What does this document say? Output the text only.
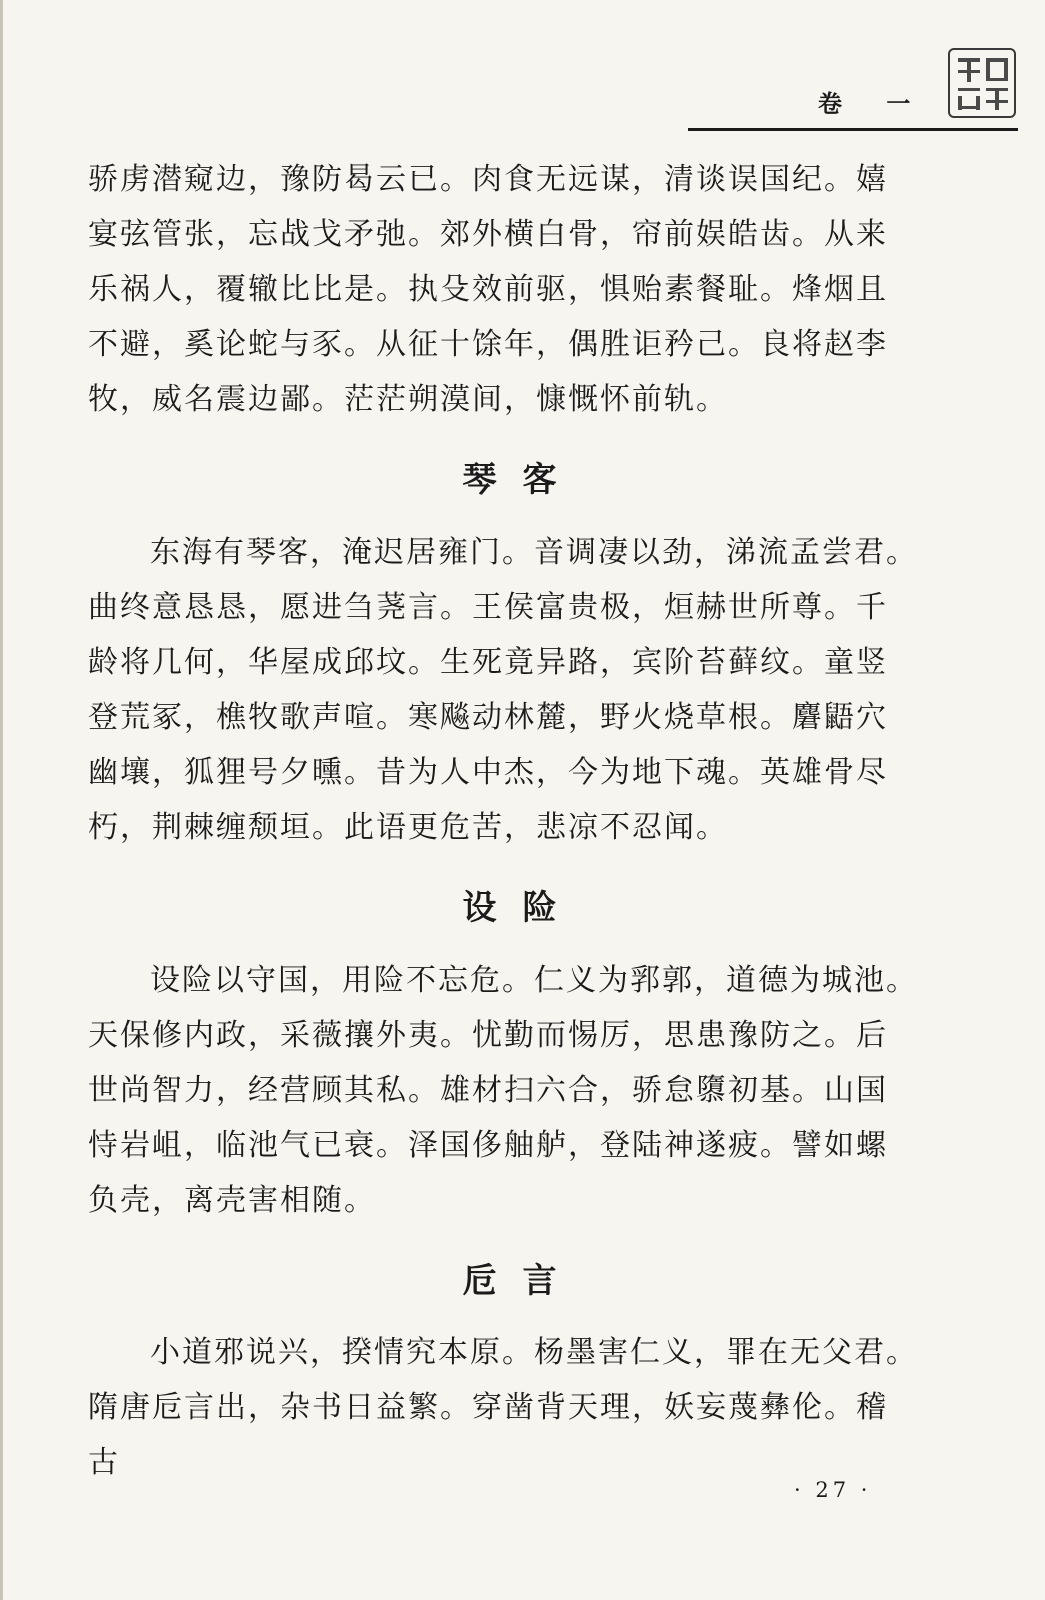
卷 一

骄虏潜窥边，豫防曷云已。肉食无远谋，清谈误国纪。嬉宴弦管张，忘战戈矛弛。郊外横白骨，帘前娱皓齿。从来乐祸人，覆辙比比是。执殳效前驱，惧贻素餐耻。烽烟且不避，奚论蛇与豕。从征十馀年，偶胜讵矜己。良将赵李牧，威名震边鄙。茫茫朔漠间，慷慨怀前轨。

琴客

东海有琴客，淹迟居雍门。音调凄以劲，涕流孟尝君。曲终意恳恳，愿进刍荛言。王侯富贵极，烜赫世所尊。千龄将几何，华屋成邱坟。生死竟异路，宾阶苔藓纹。童竖登荒冢，樵牧歌声喧。寒飚动林麓，野火烧草根。麏鼯穴幽壤，狐狸号夕曛。昔为人中杰，今为地下魂。英雄骨尽朽，荆棘缠颓垣。此语更危苦，悲凉不忍闻。

设险

设险以守国，用险不忘危。仁义为郛郭，道德为城池。天保修内政，采薇攘外夷。忧勤而惕厉，思患豫防之。后世尚智力，经营顾其私。雄材扫六合，骄怠隳初基。山国恃岩岨，临池气已衰。泽国侈舳舻，登陆神遂疲。譬如螺负壳，离壳害相随。

卮言

小道邪说兴，揆情究本原。杨墨害仁义，罪在无父君。隋唐卮言出，杂书日益繁。穿凿背天理，妖妄蔑彝伦。稽古

· 27 ·
